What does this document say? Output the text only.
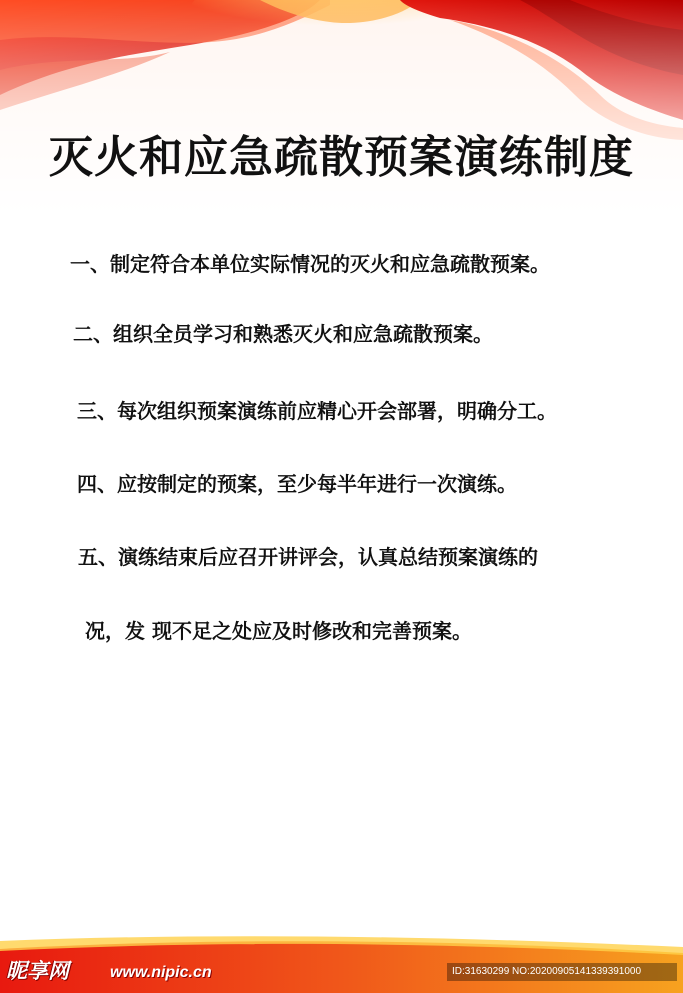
灭火和应急疏散预案演练制度
一、制定符合本单位实际情况的灭火和应急疏散预案。
二、组织全员学习和熟悉灭火和应急疏散预案。
三、每次组织预案演练前应精心开会部署，明确分工。
四、应按制定的预案，至少每半年进行一次演练。
五、演练结束后应召开讲评会，认真总结预案演练的
况，发 现不足之处应及时修改和完善预案。
昵享网	www.nipic.cn	ID:31630299 NO:20200905141339391000
